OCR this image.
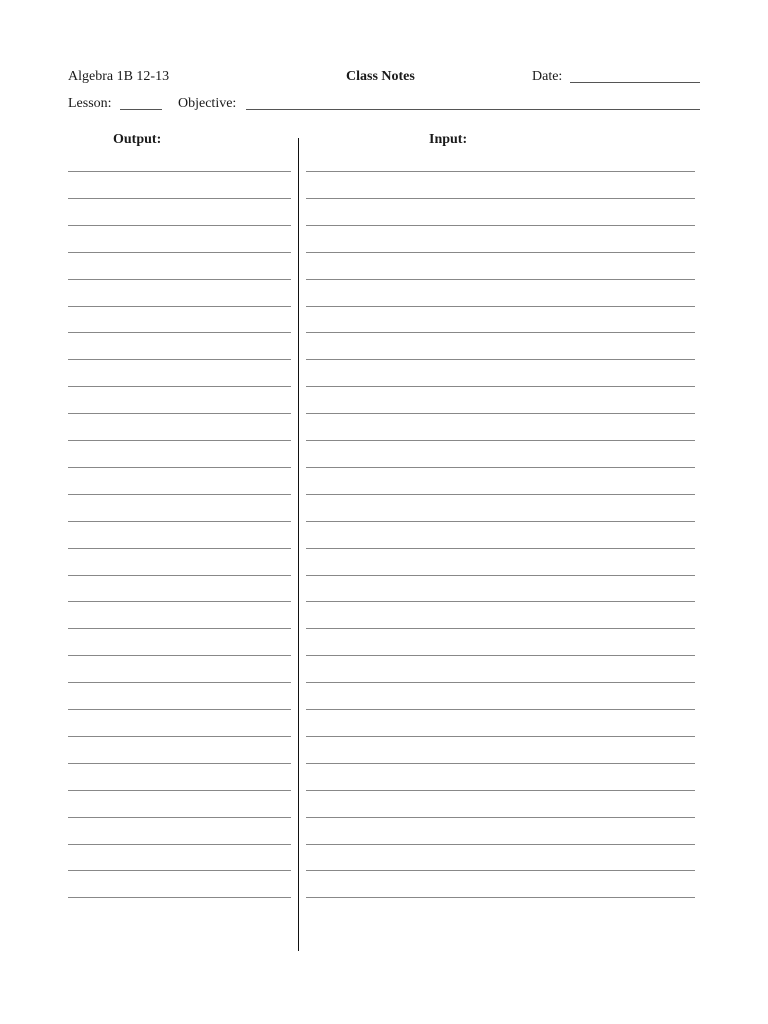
Algebra 1B 12-13	Class Notes	Date:
Lesson:	Objective:
Output:	Input:
